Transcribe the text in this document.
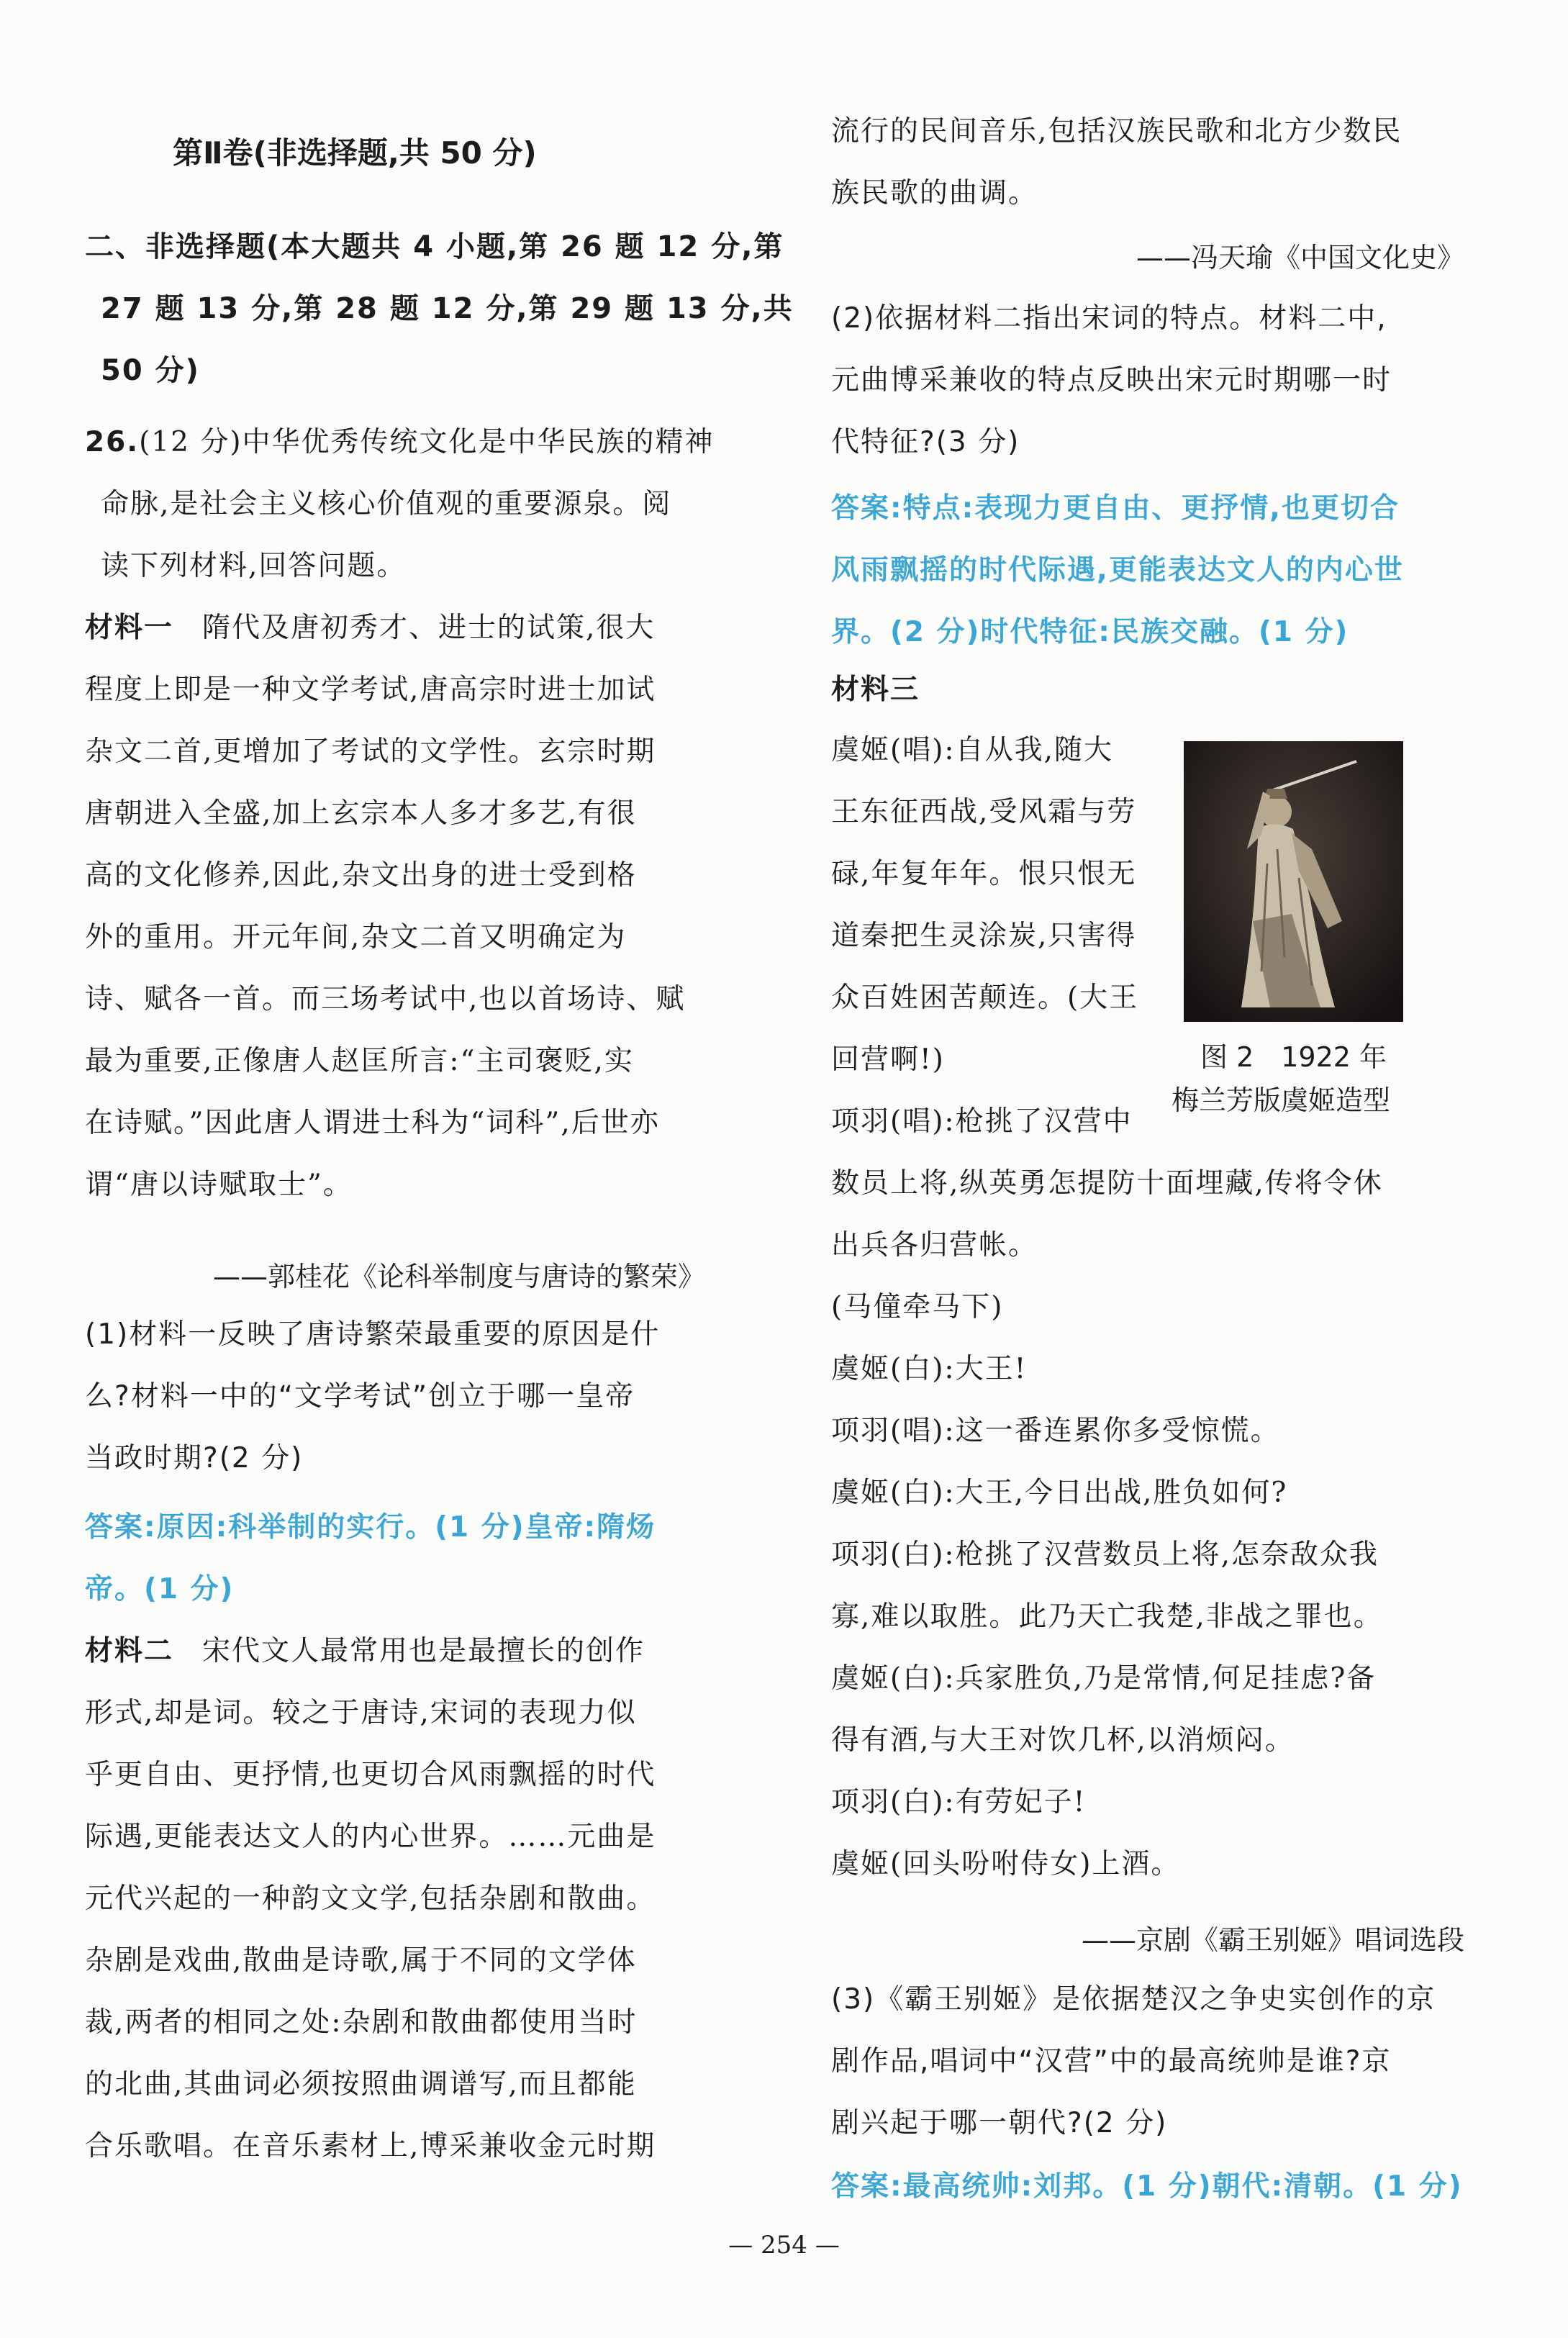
第Ⅱ卷(非选择题,共 50 分)
二、非选择题(本大题共 4 小题,第 26 题 12 分,第
27 题 13 分,第 28 题 12 分,第 29 题 13 分,共
50 分)
26.(12 分)中华优秀传统文化是中华民族的精神
命脉,是社会主义核心价值观的重要源泉。阅
读下列材料,回答问题。
材料一 隋代及唐初秀才、进士的试策,很大
程度上即是一种文学考试,唐高宗时进士加试
杂文二首,更增加了考试的文学性。玄宗时期
唐朝进入全盛,加上玄宗本人多才多艺,有很
高的文化修养,因此,杂文出身的进士受到格
外的重用。开元年间,杂文二首又明确定为
诗、赋各一首。而三场考试中,也以首场诗、赋
最为重要,正像唐人赵匡所言:“主司褒贬,实
在诗赋。”因此唐人谓进士科为“词科”,后世亦
谓“唐以诗赋取士”。
——郭桂花《论科举制度与唐诗的繁荣》
(1)材料一反映了唐诗繁荣最重要的原因是什
么?材料一中的“文学考试”创立于哪一皇帝
当政时期?(2 分)
答案:原因:科举制的实行。(1 分)皇帝:隋炀
帝。(1 分)
材料二 宋代文人最常用也是最擅长的创作
形式,却是词。较之于唐诗,宋词的表现力似
乎更自由、更抒情,也更切合风雨飘摇的时代
际遇,更能表达文人的内心世界。……元曲是
元代兴起的一种韵文文学,包括杂剧和散曲。
杂剧是戏曲,散曲是诗歌,属于不同的文学体
裁,两者的相同之处:杂剧和散曲都使用当时
的北曲,其曲词必须按照曲调谱写,而且都能
合乐歌唱。在音乐素材上,博采兼收金元时期
流行的民间音乐,包括汉族民歌和北方少数民
族民歌的曲调。
——冯天瑜《中国文化史》
(2)依据材料二指出宋词的特点。材料二中,
元曲博采兼收的特点反映出宋元时期哪一时
代特征?(3 分)
答案:特点:表现力更自由、更抒情,也更切合
风雨飘摇的时代际遇,更能表达文人的内心世
界。(2 分)时代特征:民族交融。(1 分)
材料三
虞姬(唱):自从我,随大
王东征西战,受风霜与劳
碌,年复年年。恨只恨无
道秦把生灵涂炭,只害得
众百姓困苦颠连。(大王
回营啊!)
项羽(唱):枪挑了汉营中
数员上将,纵英勇怎提防十面埋藏,传将令休
出兵各归营帐。
(马僮牵马下)
虞姬(白):大王!
项羽(唱):这一番连累你多受惊慌。
虞姬(白):大王,今日出战,胜负如何?
项羽(白):枪挑了汉营数员上将,怎奈敌众我
寡,难以取胜。此乃天亡我楚,非战之罪也。
虞姬(白):兵家胜负,乃是常情,何足挂虑?备
得有酒,与大王对饮几杯,以消烦闷。
项羽(白):有劳妃子!
虞姬(回头吩咐侍女)上酒。
——京剧《霸王别姬》唱词选段
(3)《霸王别姬》是依据楚汉之争史实创作的京
剧作品,唱词中“汉营”中的最高统帅是谁?京
剧兴起于哪一朝代?(2 分)
答案:最高统帅:刘邦。(1 分)朝代:清朝。(1 分)
图 2　1922 年
梅兰芳版虞姬造型
— 254 —
